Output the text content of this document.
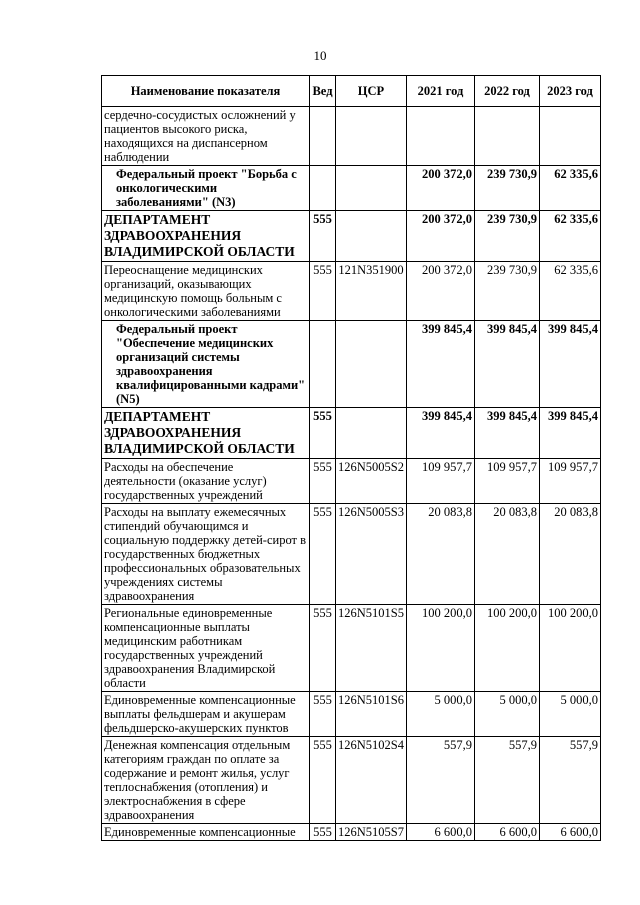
10
Наименование показателя	Вед	ЦСР	2021 год	2022 год	2023 год
сердечно-сосудистых осложнений у пациентов высокого риска, находящихся на диспансерном наблюдении					
Федеральный проект "Борьба с онкологическими заболеваниями" (N3)			200 372,0	239 730,9	62 335,6
ДЕПАРТАМЕНТ ЗДРАВООХРАНЕНИЯ ВЛАДИМИРСКОЙ ОБЛАСТИ	555		200 372,0	239 730,9	62 335,6
Переоснащение медицинских организаций, оказывающих медицинскую помощь больным с онкологическими заболеваниями	555	121N351900	200 372,0	239 730,9	62 335,6
Федеральный проект "Обеспечение медицинских организаций системы здравоохранения квалифицированными кадрами" (N5)			399 845,4	399 845,4	399 845,4
ДЕПАРТАМЕНТ ЗДРАВООХРАНЕНИЯ ВЛАДИМИРСКОЙ ОБЛАСТИ	555		399 845,4	399 845,4	399 845,4
Расходы на обеспечение деятельности (оказание услуг) государственных учреждений	555	126N5005S2	109 957,7	109 957,7	109 957,7
Расходы на выплату ежемесячных стипендий обучающимся и социальную поддержку детей-сирот в государственных бюджетных профессиональных образовательных учреждениях системы здравоохранения	555	126N5005S3	20 083,8	20 083,8	20 083,8
Региональные единовременные компенсационные выплаты медицинским работникам государственных учреждений здравоохранения Владимирской области	555	126N5101S5	100 200,0	100 200,0	100 200,0
Единовременные компенсационные выплаты фельдшерам и акушерам фельдшерско-акушерских пунктов	555	126N5101S6	5 000,0	5 000,0	5 000,0
Денежная компенсация отдельным категориям граждан по оплате за содержание и ремонт жилья, услуг теплоснабжения (отопления) и электроснабжения в сфере здравоохранения	555	126N5102S4	557,9	557,9	557,9
Единовременные компенсационные	555	126N5105S7	6 600,0	6 600,0	6 600,0
